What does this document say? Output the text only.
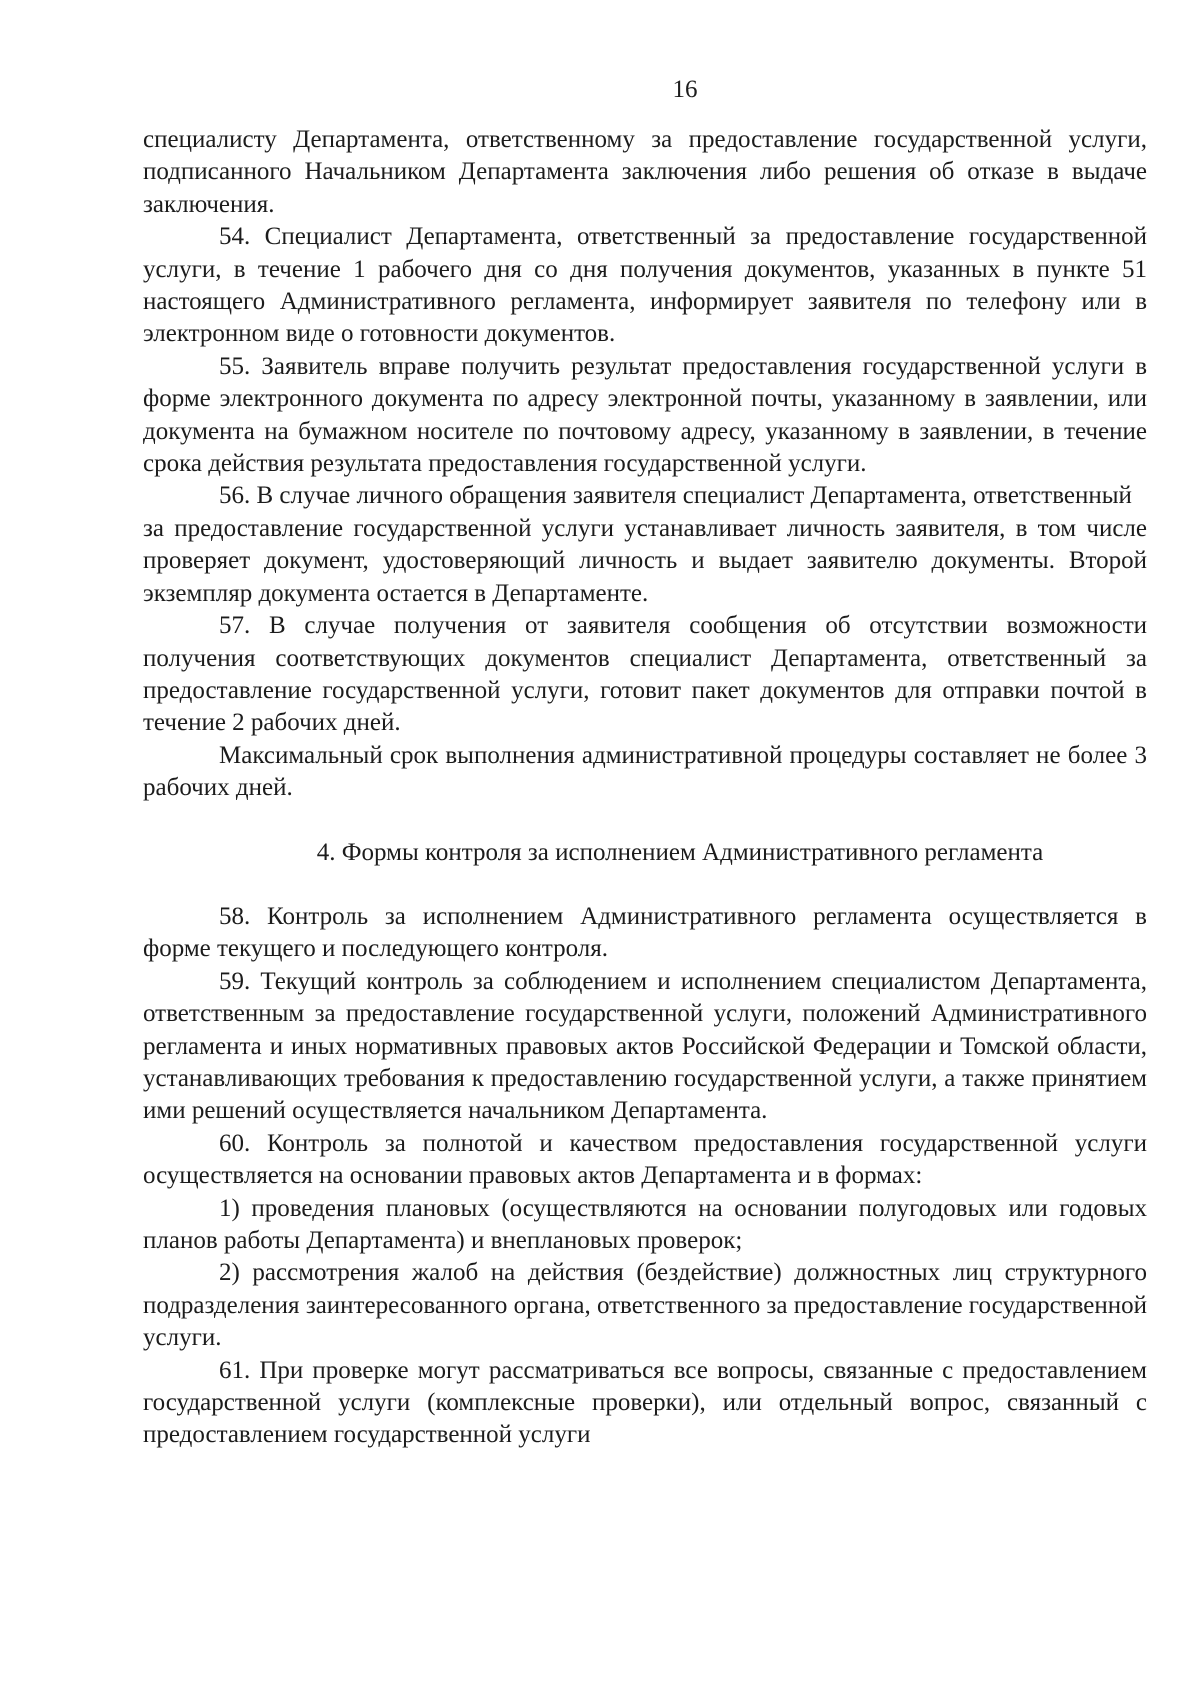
16

специалисту Департамента, ответственному за предоставление государственной услуги, подписанного Начальником Департамента заключения либо решения об отказе в выдаче заключения.

54. Специалист Департамента, ответственный за предоставление государственной услуги, в течение 1 рабочего дня со дня получения документов, указанных в пункте 51 настоящего Административного регламента, информирует заявителя по телефону или в электронном виде о готовности документов.

55. Заявитель вправе получить результат предоставления государственной услуги в форме электронного документа по адресу электронной почты, указанному в заявлении, или документа на бумажном носителе по почтовому адресу, указанному в заявлении, в течение срока действия результата предоставления государственной услуги.

56. В случае личного обращения заявителя специалист Департамента, ответственный

за предоставление государственной услуги устанавливает личность заявителя, в том числе проверяет документ, удостоверяющий личность и выдает заявителю документы. Второй экземпляр документа остается в Департаменте.

57. В случае получения от заявителя сообщения об отсутствии возможности получения соответствующих документов специалист Департамента, ответственный за предоставление государственной услуги, готовит пакет документов для отправки почтой в течение 2 рабочих дней.

Максимальный срок выполнения административной процедуры составляет не более 3 рабочих дней.

4. Формы контроля за исполнением Административного регламента

58. Контроль за исполнением Административного регламента осуществляется в форме текущего и последующего контроля.

59. Текущий контроль за соблюдением и исполнением специалистом Департамента, ответственным за предоставление государственной услуги, положений Административного регламента и иных нормативных правовых актов Российской Федерации и Томской области, устанавливающих требования к предоставлению государственной услуги, а также принятием ими решений осуществляется начальником Департамента.

60. Контроль за полнотой и качеством предоставления государственной услуги осуществляется на основании правовых актов Департамента и в формах:

1) проведения плановых (осуществляются на основании полугодовых или годовых планов работы Департамента) и внеплановых проверок;

2) рассмотрения жалоб на действия (бездействие) должностных лиц структурного подразделения заинтересованного органа, ответственного за предоставление государственной услуги.

61. При проверке могут рассматриваться все вопросы, связанные с предоставлением государственной услуги (комплексные проверки), или отдельный вопрос, связанный с предоставлением государственной услуги
